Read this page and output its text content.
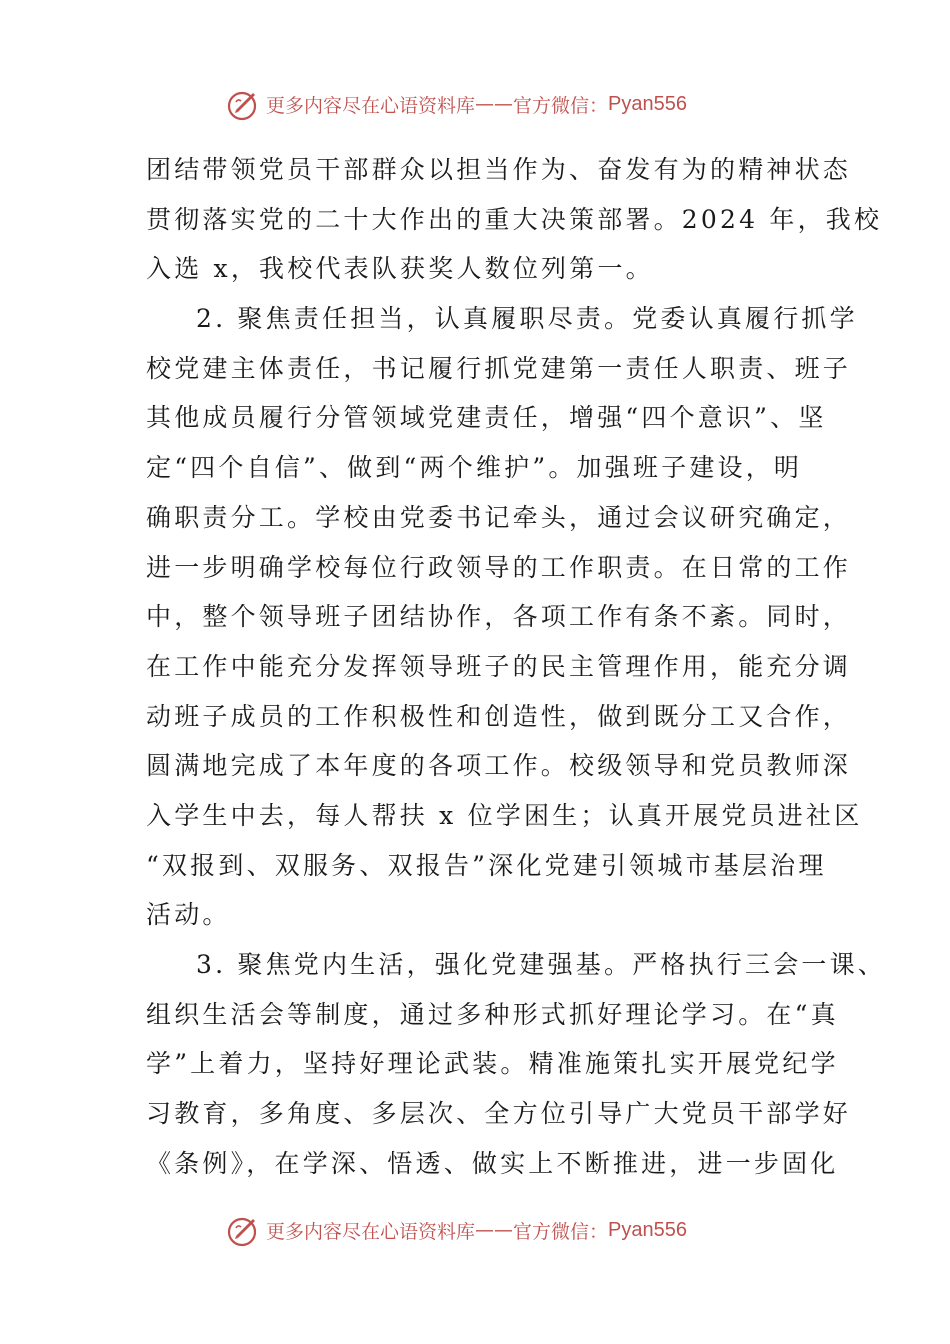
更多内容尽在心语资料库 —— 官方微信： Pyan556
团结带领党员干部群众以担当作为、奋发有为的精神状态
贯彻落实党的二十大作出的重大决策部署。2024 年，我校
入选 x，我校代表队获奖人数位列第一。
2. 聚焦责任担当，认真履职尽责。党委认真履行抓学
校党建主体责任，书记履行抓党建第一责任人职责、班子
其他成员履行分管领域党建责任，增强“四个意识”、坚
定“四个自信”、做到“两个维护”。加强班子建设，明
确职责分工。学校由党委书记牵头，通过会议研究确定，
进一步明确学校每位行政领导的工作职责。在日常的工作
中，整个领导班子团结协作，各项工作有条不紊。同时，
在工作中能充分发挥领导班子的民主管理作用，能充分调
动班子成员的工作积极性和创造性，做到既分工又合作，
圆满地完成了本年度的各项工作。校级领导和党员教师深
入学生中去，每人帮扶 x 位学困生；认真开展党员进社区
“双报到、双服务、双报告”深化党建引领城市基层治理
活动。
3. 聚焦党内生活，强化党建强基。严格执行三会一课、
组织生活会等制度，通过多种形式抓好理论学习。在“真
学”上着力，坚持好理论武装。精准施策扎实开展党纪学
习教育，多角度、多层次、全方位引导广大党员干部学好
《条例》，在学深、悟透、做实上不断推进，进一步固化
更多内容尽在心语资料库 —— 官方微信： Pyan556
